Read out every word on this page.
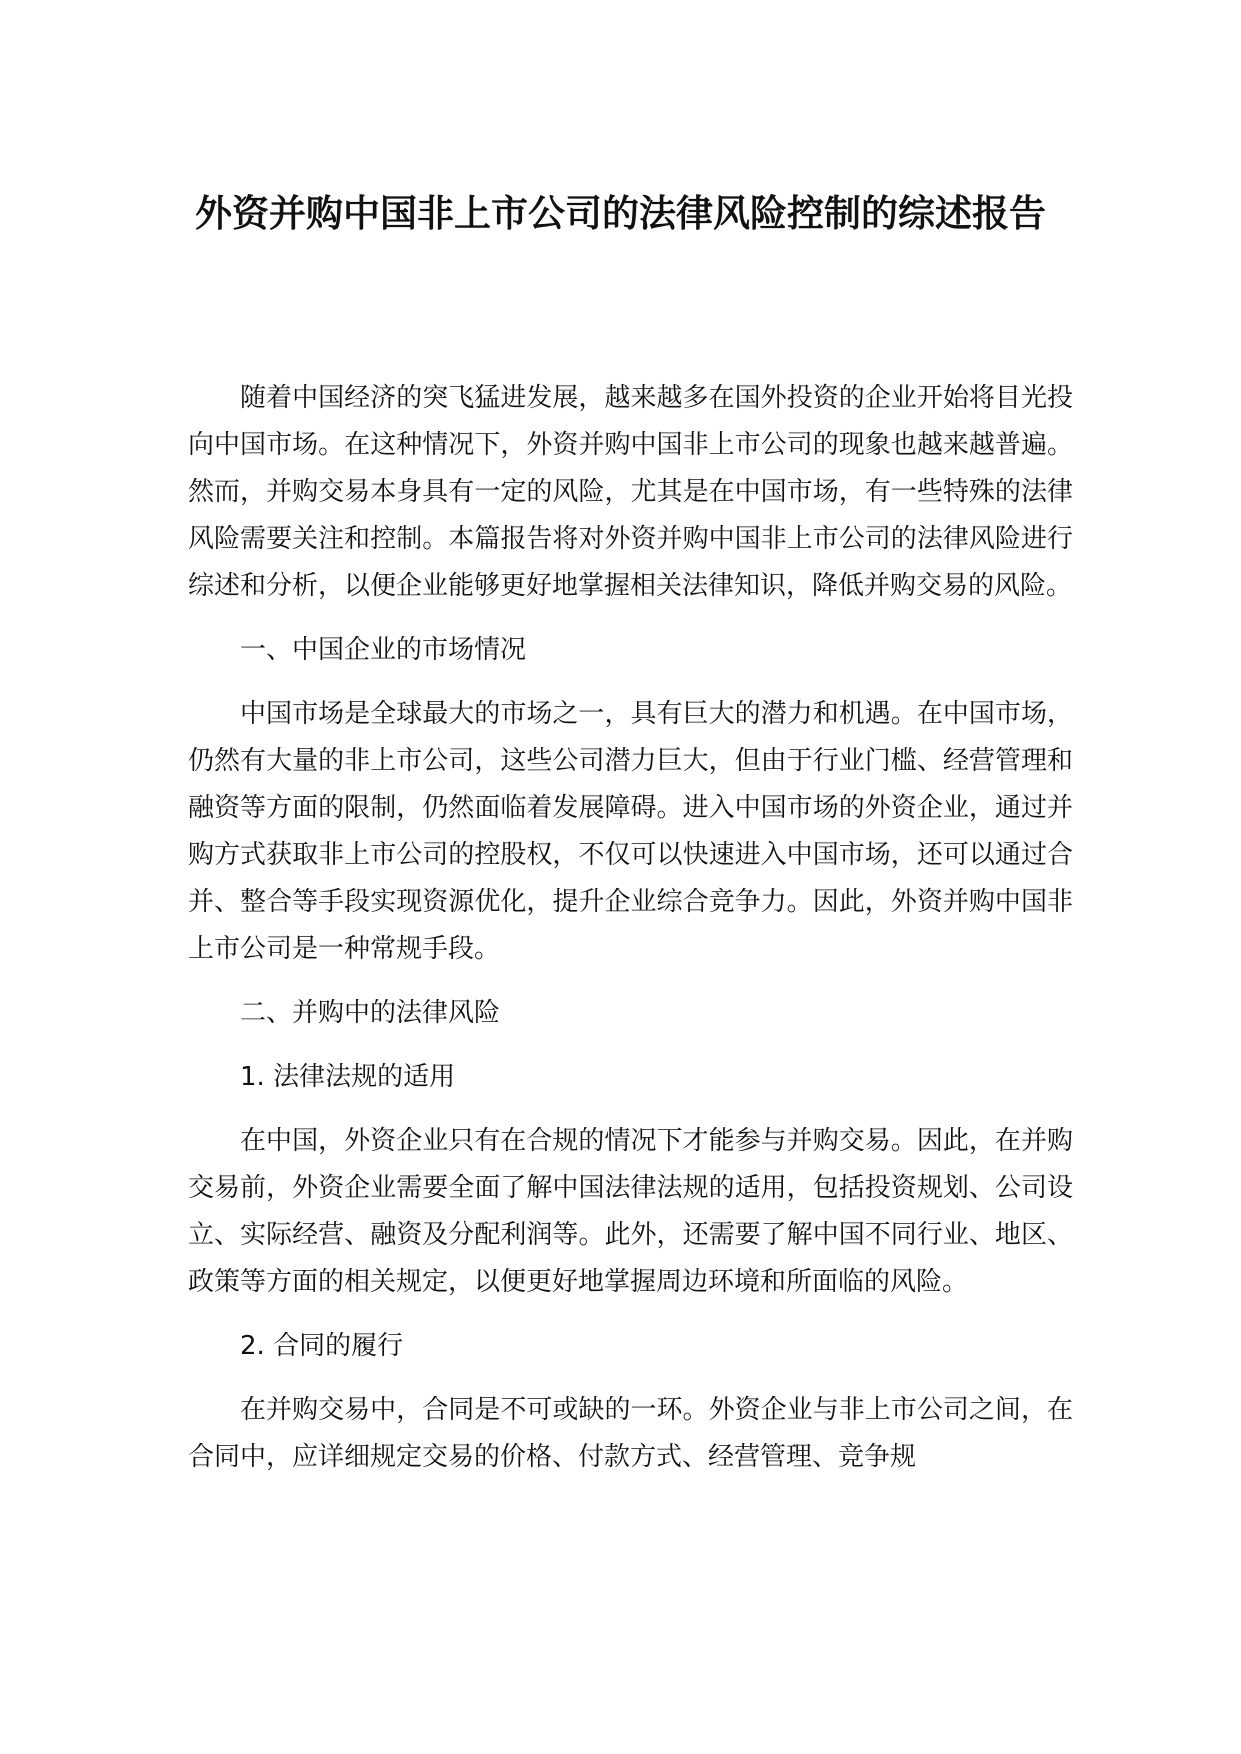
外资并购中国非上市公司的法律风险控制的综述报告

随着中国经济的突飞猛进发展，越来越多在国外投资的企业开始将目光投向中国市场。在这种情况下，外资并购中国非上市公司的现象也越来越普遍。然而，并购交易本身具有一定的风险，尤其是在中国市场，有一些特殊的法律风险需要关注和控制。本篇报告将对外资并购中国非上市公司的法律风险进行综述和分析，以便企业能够更好地掌握相关法律知识，降低并购交易的风险。

一、中国企业的市场情况

中国市场是全球最大的市场之一，具有巨大的潜力和机遇。在中国市场，仍然有大量的非上市公司，这些公司潜力巨大，但由于行业门槛、经营管理和融资等方面的限制，仍然面临着发展障碍。进入中国市场的外资企业，通过并购方式获取非上市公司的控股权，不仅可以快速进入中国市场，还可以通过合并、整合等手段实现资源优化，提升企业综合竞争力。因此，外资并购中国非上市公司是一种常规手段。

二、并购中的法律风险

1. 法律法规的适用

在中国，外资企业只有在合规的情况下才能参与并购交易。因此，在并购交易前，外资企业需要全面了解中国法律法规的适用，包括投资规划、公司设立、实际经营、融资及分配利润等。此外，还需要了解中国不同行业、地区、政策等方面的相关规定，以便更好地掌握周边环境和所面临的风险。

2. 合同的履行

在并购交易中，合同是不可或缺的一环。外资企业与非上市公司之间，在合同中，应详细规定交易的价格、付款方式、经营管理、竞争规
